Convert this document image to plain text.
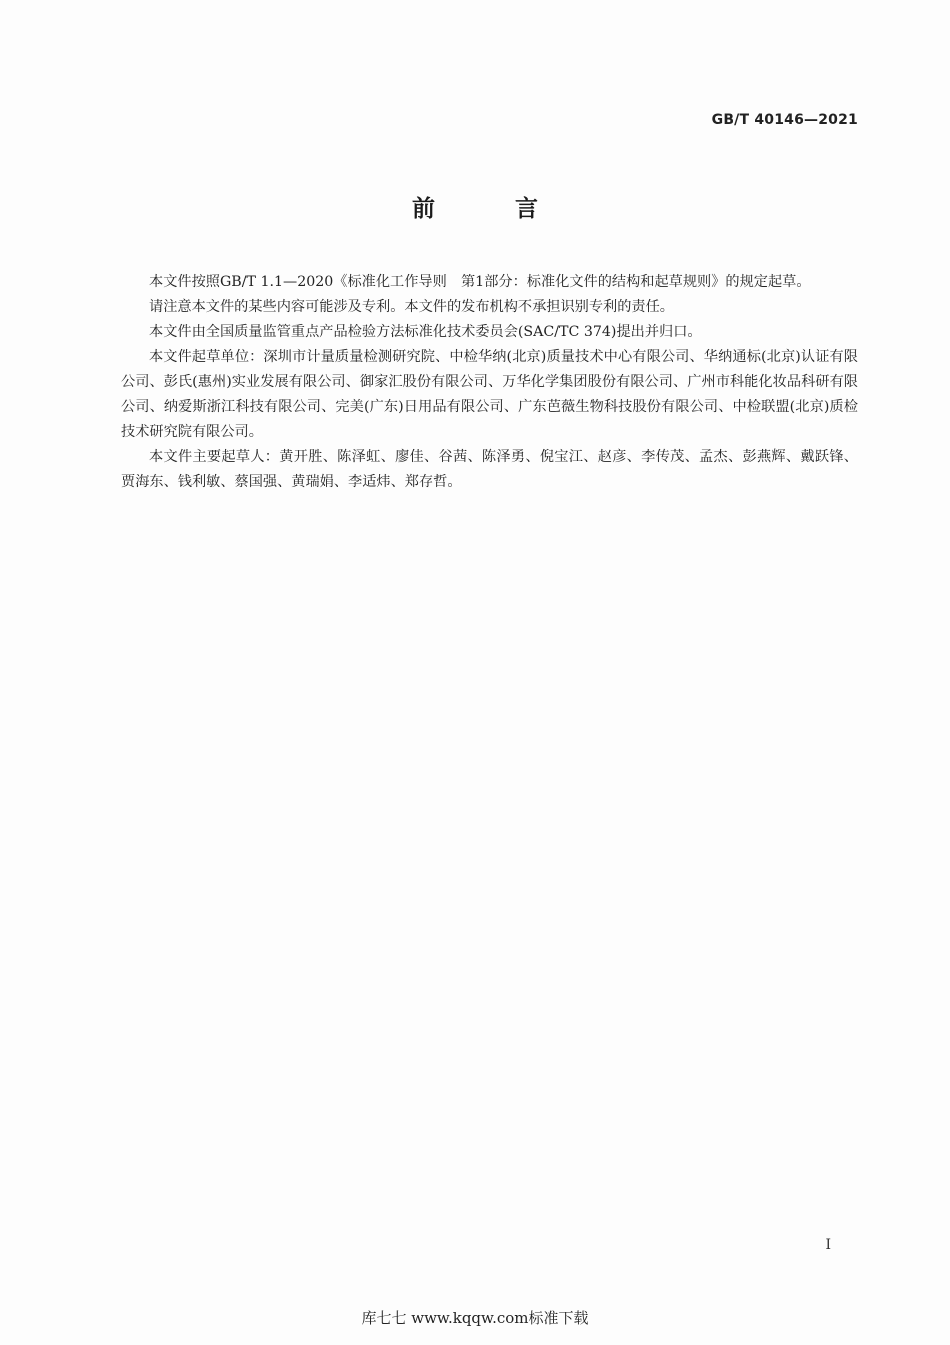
GB/T 40146—2021
前 言

本文件按照GB/T 1.1—2020《标准化工作导则　第1部分：标准化文件的结构和起草规则》的规定起草。

请注意本文件的某些内容可能涉及专利。本文件的发布机构不承担识别专利的责任。

本文件由全国质量监管重点产品检验方法标准化技术委员会(SAC/TC 374)提出并归口。

本文件起草单位：深圳市计量质量检测研究院、中检华纳(北京)质量技术中心有限公司、华纳通标(北京)认证有限公司、彭氏(惠州)实业发展有限公司、御家汇股份有限公司、万华化学集团股份有限公司、广州市科能化妆品科研有限公司、纳爱斯浙江科技有限公司、完美(广东)日用品有限公司、广东芭薇生物科技股份有限公司、中检联盟(北京)质检技术研究院有限公司。

本文件主要起草人：黄开胜、陈泽虹、廖佳、谷茜、陈泽勇、倪宝江、赵彦、李传茂、孟杰、彭燕辉、戴跃锋、贾海东、钱利敏、蔡国强、黄瑞娟、李适炜、郑存哲。

I
库七七 www.kqqw.com标准下载
